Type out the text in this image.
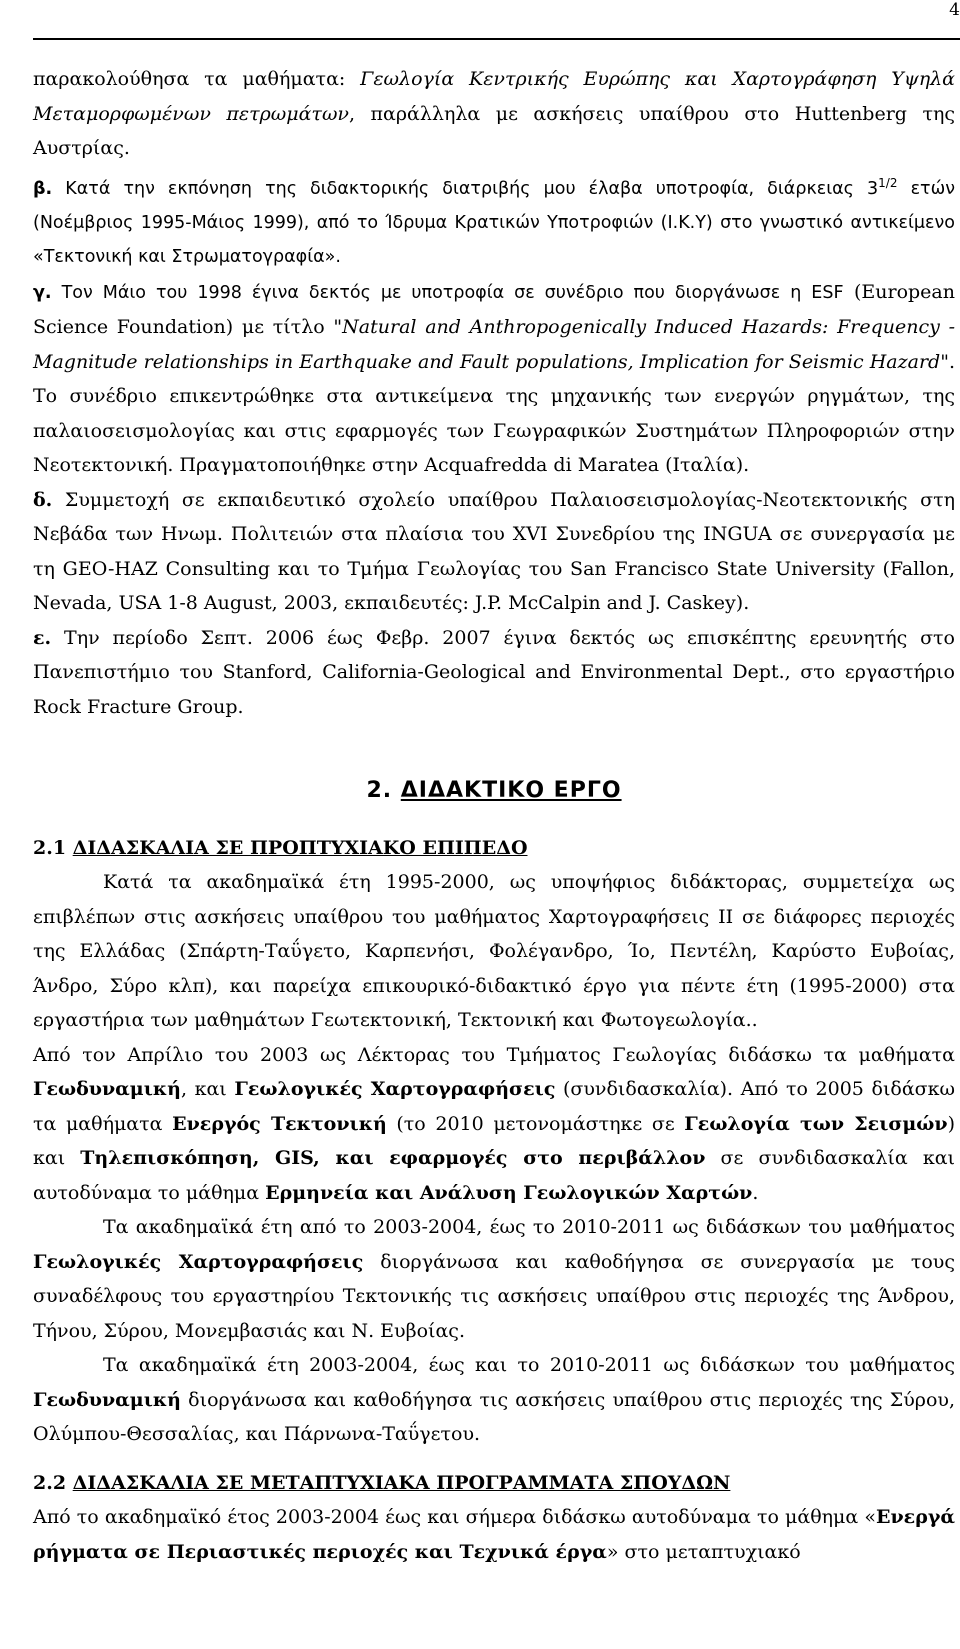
4

παρακολούθησα τα μαθήματα: Γεωλογία Κεντρικής Ευρώπης και Χαρτογράφηση Υψηλά Μεταμορφωμένων πετρωμάτων, παράλληλα με ασκήσεις υπαίθρου στο Huttenberg της Αυστρίας.

β. Κατά την εκπόνηση της διδακτορικής διατριβής μου έλαβα υποτροφία, διάρκειας $3^{1/2}$ ετών (Νοέμβριος 1995-Μάιος 1999), από το Ίδρυμα Κρατικών Υποτροφιών (Ι.Κ.Υ) στο γνωστικό αντικείμενο «Τεκτονική και Στρωματογραφία».

γ. Τον Μάιο του 1998 έγινα δεκτός με υποτροφία σε συνέδριο που διοργάνωσε η ESF (European Science Foundation) με τίτλο "Natural and Anthropogenically Induced Hazards: Frequency - Magnitude relationships in Earthquake and Fault populations, Implication for Seismic Hazard". Το συνέδριο επικεντρώθηκε στα αντικείμενα της μηχανικής των ενεργών ρηγμάτων, της παλαιοσεισμολογίας και στις εφαρμογές των Γεωγραφικών Συστημάτων Πληροφοριών στην Νεοτεκτονική. Πραγματοποιήθηκε στην Acquafredda di Maratea (Ιταλία).

δ. Συμμετοχή σε εκπαιδευτικό σχολείο υπαίθρου Παλαιοσεισμολογίας-Νεοτεκτονικής στη Νεβάδα των Ηνωμ. Πολιτειών στα πλαίσια του XVI Συνεδρίου της INGUA σε συνεργασία με τη GEO-HAZ Consulting και το Τμήμα Γεωλογίας του San Francisco State University (Fallon, Nevada, USA 1-8 August, 2003, εκπαιδευτές: J.P. McCalpin and J. Caskey).

ε. Την περίοδο Σεπτ. 2006 έως Φεβρ. 2007 έγινα δεκτός ως επισκέπτης ερευνητής στο Πανεπιστήμιο του Stanford, California-Geological and Environmental Dept., στο εργαστήριο Rock Fracture Group.

2. ΔΙΔΑΚΤΙΚΟ ΕΡΓΟ

2.1 ΔΙΔΑΣΚΑΛΙΑ ΣΕ ΠΡΟΠΤΥΧΙΑΚΟ ΕΠΙΠΕΔΟ

Κατά τα ακαδημαϊκά έτη 1995-2000, ως υποψήφιος διδάκτορας, συμμετείχα ως επιβλέπων στις ασκήσεις υπαίθρου του μαθήματος Χαρτογραφήσεις ΙΙ σε διάφορες περιοχές της Ελλάδας (Σπάρτη-Ταΰγετο, Καρπενήσι, Φολέγανδρο, Ίο, Πεντέλη, Καρύστο Ευβοίας, Άνδρο, Σύρο κλπ), και παρείχα επικουρικό-διδακτικό έργο για πέντε έτη (1995-2000) στα εργαστήρια των μαθημάτων Γεωτεκτονική, Τεκτονική και Φωτογεωλογία..

Από τον Απρίλιο του 2003 ως Λέκτορας του Τμήματος Γεωλογίας διδάσκω τα μαθήματα Γεωδυναμική, και Γεωλογικές Χαρτογραφήσεις (συνδιδασκαλία). Από το 2005 διδάσκω τα μαθήματα Ενεργός Τεκτονική (το 2010 μετονομάστηκε σε Γεωλογία των Σεισμών) και Τηλεπισκόπηση, GIS, και εφαρμογές στο περιβάλλον σε συνδιδασκαλία και αυτοδύναμα το μάθημα Ερμηνεία και Ανάλυση Γεωλογικών Χαρτών.

Τα ακαδημαϊκά έτη από το 2003-2004, έως το 2010-2011 ως διδάσκων του μαθήματος Γεωλογικές Χαρτογραφήσεις διοργάνωσα και καθοδήγησα σε συνεργασία με τους συναδέλφους του εργαστηρίου Τεκτονικής τις ασκήσεις υπαίθρου στις περιοχές της Άνδρου, Τήνου, Σύρου, Μονεμβασιάς και Ν. Ευβοίας.

Τα ακαδημαϊκά έτη 2003-2004, έως και το 2010-2011 ως διδάσκων του μαθήματος Γεωδυναμική διοργάνωσα και καθοδήγησα τις ασκήσεις υπαίθρου στις περιοχές της Σύρου, Ολύμπου-Θεσσαλίας, και Πάρνωνα-Ταΰγετου.

2.2 ΔΙΔΑΣΚΑΛΙΑ ΣΕ ΜΕΤΑΠΤΥΧΙΑΚΑ ΠΡΟΓΡΑΜΜΑΤΑ ΣΠΟΥΔΩΝ

Από το ακαδημαϊκό έτος 2003-2004 έως και σήμερα διδάσκω αυτοδύναμα το μάθημα «Ενεργά ρήγματα σε Περιαστικές περιοχές και Τεχνικά έργα» στο μεταπτυχιακό
